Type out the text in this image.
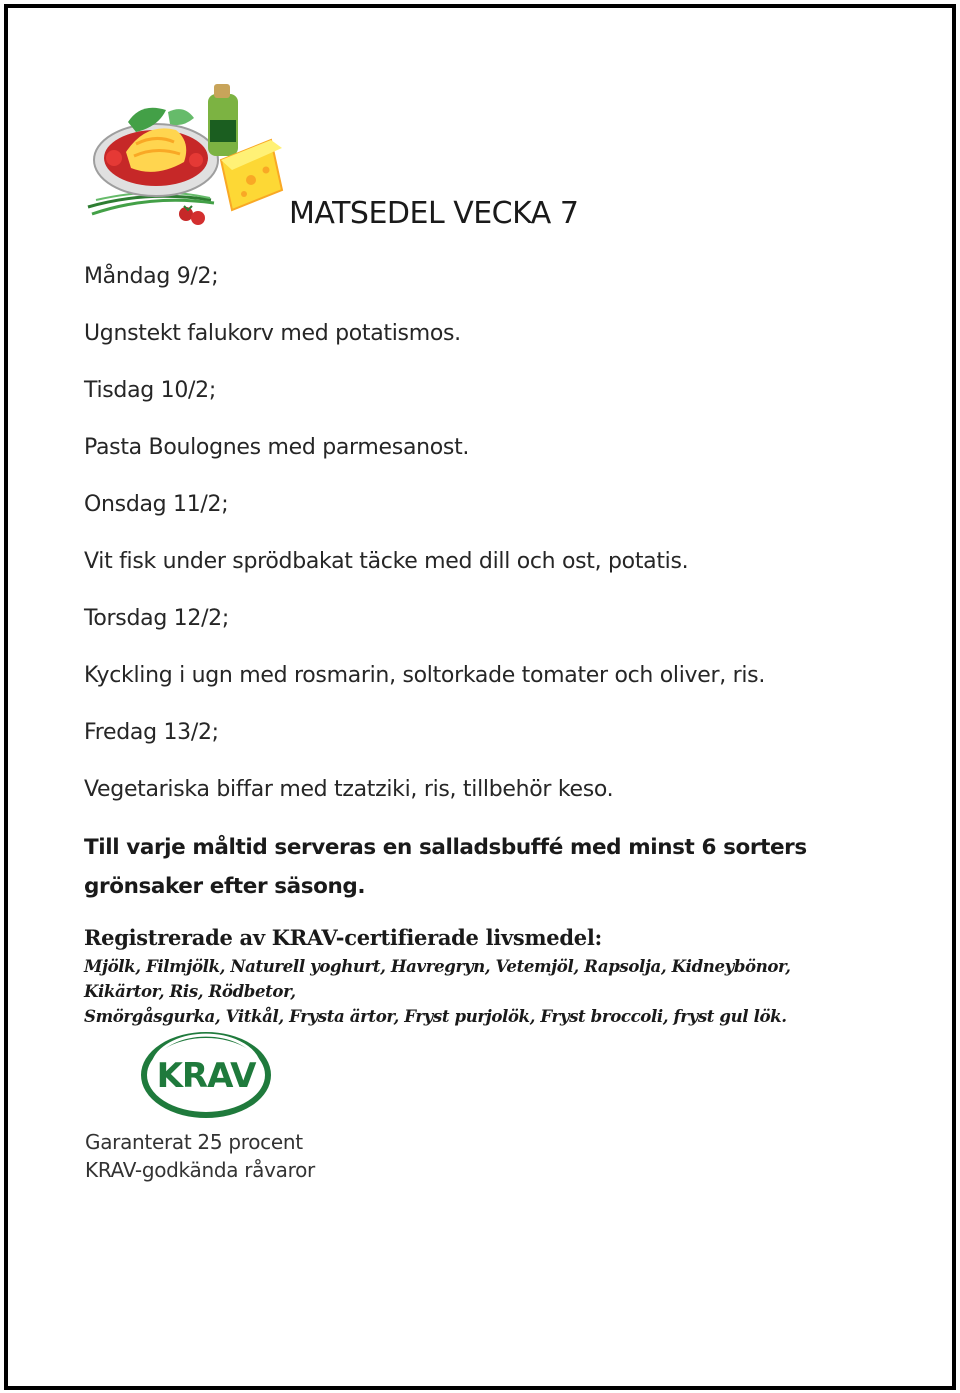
MATSEDEL VECKA 7
Måndag 9/2;
Ugnstekt falukorv med potatismos.
Tisdag 10/2;
Pasta Boulognes med parmesanost.
Onsdag 11/2;
Vit fisk under sprödbakat täcke med dill och ost, potatis.
Torsdag 12/2;
Kyckling i ugn med rosmarin, soltorkade tomater och oliver, ris.
Fredag 13/2;
Vegetariska biffar med tzatziki, ris, tillbehör keso.
Till varje måltid serveras en salladsbuffé med minst 6 sorters grönsaker efter säsong.
Registrerade av KRAV-certifierade livsmedel:
Mjölk, Filmjölk, Naturell yoghurt, Havregryn, Vetemjöl, Rapsolja, Kidneybönor,
Kikärtor, Ris, Rödbetor,
Smörgåsgurka, Vitkål, Frysta ärtor, Fryst purjolök, Fryst broccoli, fryst gul lök.
KRAV
Garanterat 25 procent
KRAV-godkända råvaror
